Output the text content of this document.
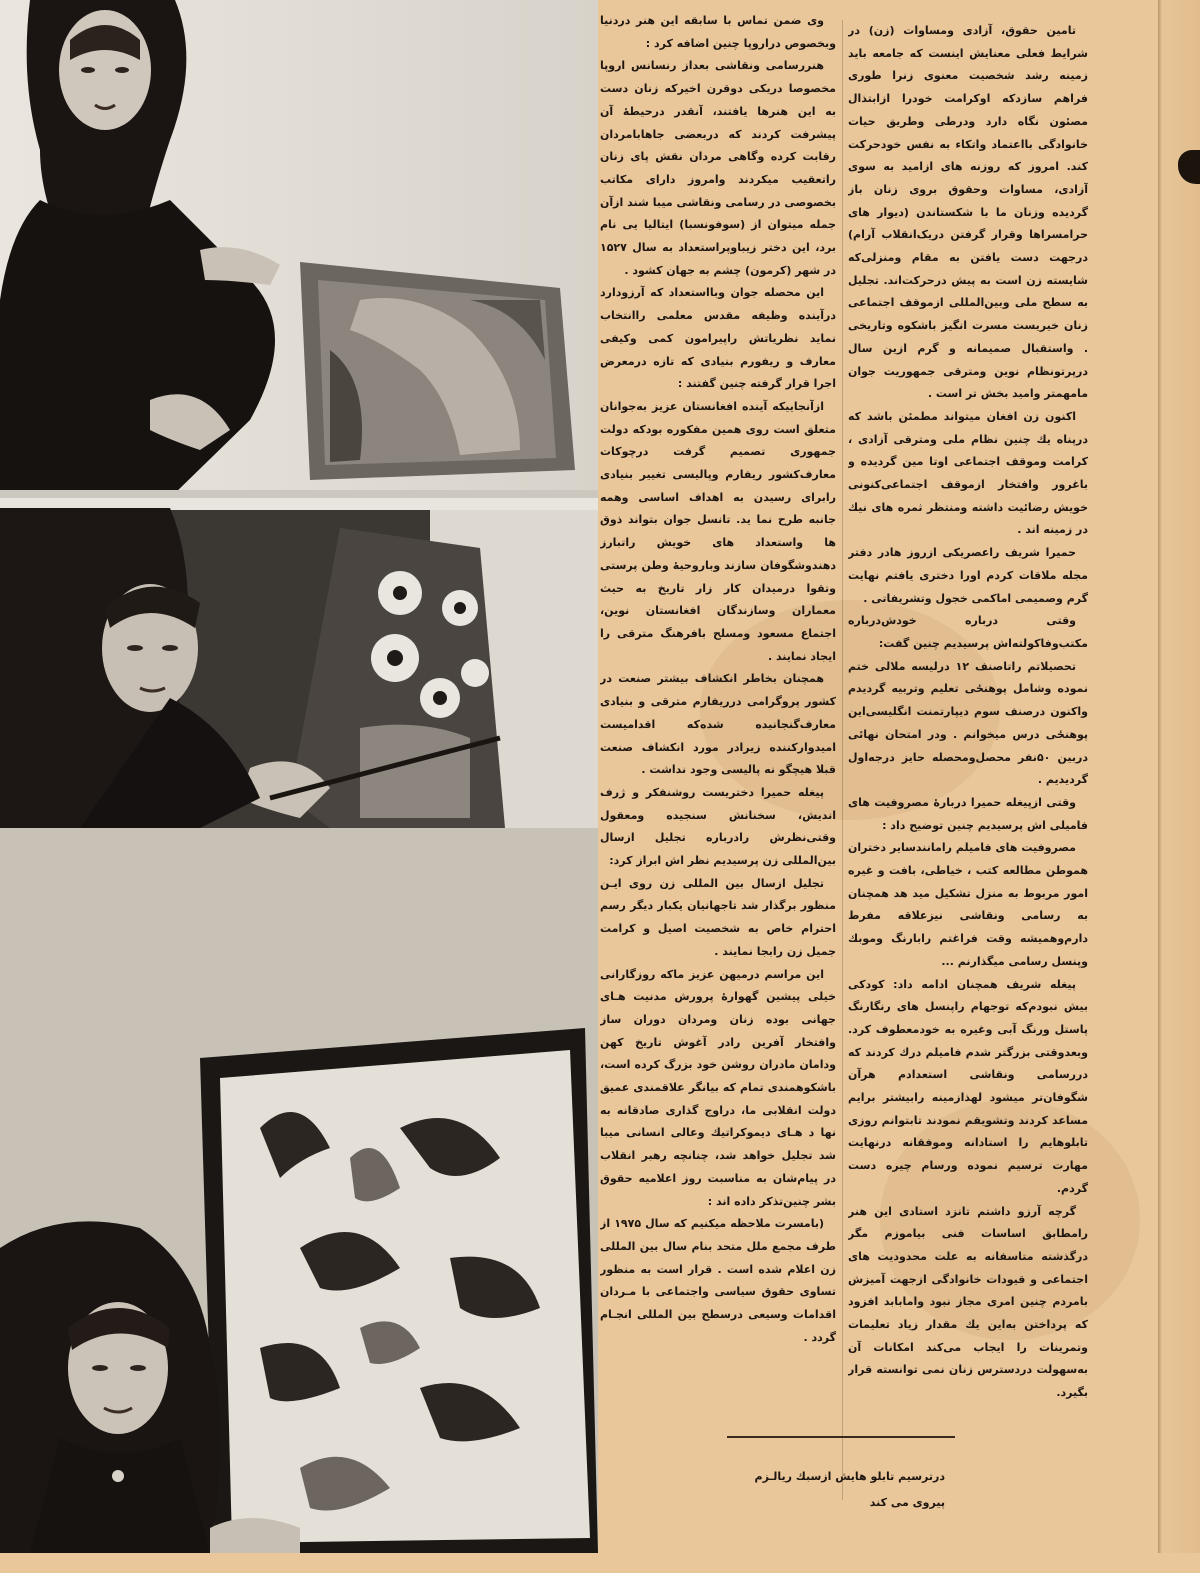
وی ضمن تماس با سابقه این هنر دردنیا وبخصوص دراروپا چنین اضافه کرد :

هنررسامی ونقاشی بعداز رنسانس اروپا مخصوصا دریکی دوقرن اخیرکه زنان دست به این هنرها یافتند، آنقدر درحیطهٔ آن پیشرفت کردند که دربعضی جاهابامردان رقابت کرده وگاهی مردان نقش پای زنان راتعقیب میکردند وامروز دارای مکاتب بخصوصی در رسامی ونقاشی میبا شند ازآن جمله میتوان از (سوفونسبا) ایتالیا یی نام برد، این دختر زیباوپراستعداد به سال ۱۵۲۷ در شهر (کرمون) چشم به جهان کشود .

این محصله جوان وبااستعداد که آرزودارد درآینده وظیفه مقدس معلمی راانتخاب نماید نظریاتش راپیرامون کمی وکیفی معارف و ریفورم بنیادی که تازه درمعرض اجرا قرار گرفته چنین گفتند :

ازآنجاییکه آینده افغانستان عزیز به‌جوانان متعلق است روی همین مفکوره بودکه دولت جمهوری تصمیم گرفت درچوکات معارف‌کشور ریفارم وپالیسی تغییر بنیادی رابرای رسیدن به اهداف اساسی وهمه جانبه طرح نما ید. تانسل جوان بتواند ذوق ها واستعداد های خویش راتبارز دهندوشگوفان سازند وباروحیهٔ وطن پرستی وتقوا درمیدان کار زار تاریخ به حیث معماران وسازندگان افغانستان نوین، اجتماع مسعود ومسلح بافرهنگ مترقی را ایجاد نمایند .

همچنان بخاطر انکشاف بیشتر صنعت در کشور پروگرامی درریفارم مترقی و بنیادی معارف‌گنجانیده شده‌که اقدامیست امیدوارکننده زیرادر مورد انکشاف صنعت قبلا هیچگو نه پالیسی وجود نداشت .

پیغله حمیرا دختریست روشنفکر و ژرف اندیش، سخنانش سنجیده ومعقول وقتی‌نظرش رادرباره تجلیل ازسال بین‌المللی زن پرسیدیم نظر اش ابراز کرد:

تجلیل ازسال بین المللی زن روی ایـن منظور برگذار شد تاجهانیان یکبار دیگر رسم احترام خاص به شخصیت اصیل و کرامت جمیل زن رابجا نمایند .

این مراسم درمیهن عزیز ماکه روزگارانی خیلی پیشین گهوارهٔ پرورش مدنیت هـای جهانی بوده زنان ومردان دوران ساز وافتخار آفرین رادر آغوش تاریخ کهن ودامان مادران روشن خود بزرگ کرده است، باشکوهمندی تمام که بیانگر علاقمندی عمیق دولت انقلابی ما، دراوج گذاری صادقانه به نها د هـای دیموکراتیك وعالی انسانی میبا شد تجلیل خواهد شد، چنانچه رهبر انقلاب در پیام‌شان به مناسبت روز اعلامیه حقوق بشر چنین‌تذکر داده اند :

(بامسرت ملاحظه میکنیم که سال ۱۹۷۵ از طرف مجمع ملل متحد بنام سال بین المللی زن اعلام شده است . قرار است به منظور تساوی حقوق سیاسی واجتماعی با مـردان اقدامات وسیعی درسطح بین المللی انجـام گردد .

تامین حقوق، آزادی ومساوات (زن) در شرایط فعلی معنایش اینست که جامعه باید زمینه رشد شخصیت معنوی زنرا طوری فراهم سازدکه اوکرامت خودرا ازابتذال مصئون نگاه دارد ودرطی وطریق حیات خانوادگی بااعتماد واتکاء به نفس خودحرکت کند. امروز که روزنه های ازامید به سوی آزادی، مساوات وحقوق بروی زنان باز گردیده وزنان ما با شکستاندن (دیوار های حرامسراها وقرار گرفتن دریک‌انقلاب آرام) درجهت دست یافتن به مقام ومنزلی‌که شایسته زن است به پیش درحرکت‌اند. تجلیل به سطح ملی وبین‌المللی ازموقف اجتماعی زنان خیریست مسرت انگیز باشکوه وتاریخی . واستقبال صمیمانه و گرم ازین سال درپرتونظام نوین ومترقی جمهوریت جوان مامهمتر وامید بخش تر است .

اکنون زن افغان میتواند مطمئن باشد که درپناه یك چنین نظام ملی ومترقی آزادی ، کرامت وموقف اجتماعی اوتا مین گردیده و باغرور وافتخار ازموقف اجتماعی‌کنونی خویش رضائیت داشته ومنتظر ثمره های نیك در زمینه اند .

حمیرا شریف راعصریکی ازروز هادر دفتر مجله ملاقات کردم اورا دختری یافتم نهایت گرم وصمیمی اماکمی خجول وتشریفاتی .

وقتی درباره خودش‌درباره مکتب‌وفاکولته‌اش پرسیدیم چنین گفت:

تحصیلاتم راتاصنف ۱۲ درلیسه ملالی ختم نموده وشامل پوهنځی تعلیم وتربیه گردیدم واکنون درصنف سوم دیپارتمنت انگلیسی‌این پوهنځی درس میخوانم . ودر امتحان نهائی دربین ۵۰نفر محصل‌ومحصله حایز درجه‌اول گردیدیم .

وقتی ازپیغله حمیرا دربارهٔ مصروفیت های فامیلی اش پرسیدیم چنین توضیح داد :

مصروفیت های فامیلم رامانندسایر دختران هموطن مطالعه کتب ، خیاطی، بافت و غیره امور مربوط به منزل تشکیل مید هد همچنان به رسامی ونقاشی نیزعلاقه مفرط دارم‌وهمیشه وقت فراغتم رابارنگ وموبك وپنسل رسامی میگذارنم ...

پیغله شریف همچنان ادامه داد: کودکی بیش نبودم‌که توجهام راپنسل های رنگارنگ پاستل ورنگ آبی وغیره به خودمعطوف کرد. وبعدوقتی بزرگتر شدم فامیلم درك کردند که دررسامی ونقاشی استعدادم هرآن شگوفان‌تر میشود لهذازمینه رابیشتر برایم مساعد کردند وتشویقم نمودند تابتوانم روزی تابلوهایم را استادانه وموفقانه درنهایت مهارت ترسیم نموده ورسام چیره دست گردم.

گرچه آرزو داشتم تانزد استادی این هنر رامطابق اساسات فنی بیاموزم مگر درگذشته متاسفانه به علت محدودیت های اجتماعی و قیودات خانوادگی ازجهت آمیزش بامردم چنین امری مجاز نبود وامابابد افزود که پرداختن به‌این یك مقدار زیاد تعلیمات وتمرینات را ایجاب می‌کند امکانات آن به‌سهولت دردسترس زنان نمی توانسته قرار بگیرد.

درترسیم تابلو هایش ازسبك ریالـزم پیروی می کند
